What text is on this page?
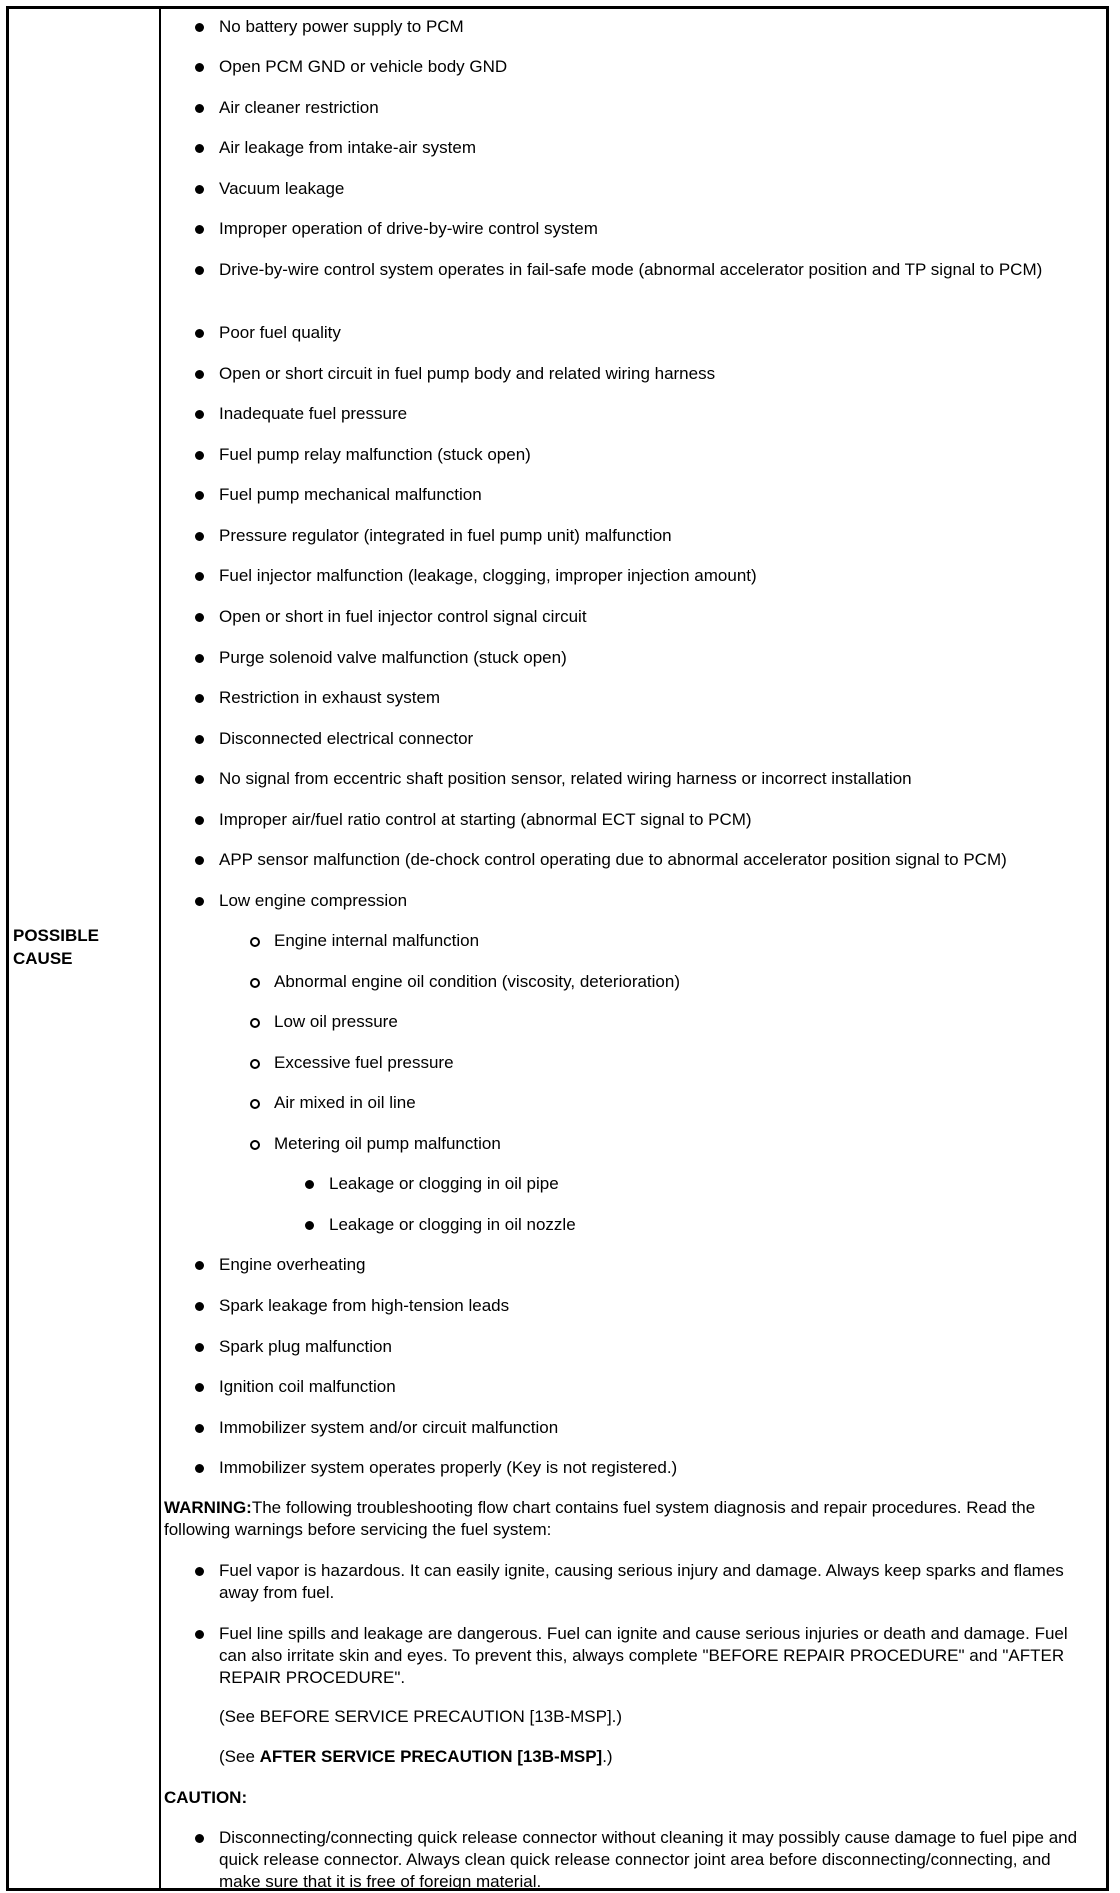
POSSIBLE
CAUSE
No battery power supply to PCM
Open PCM GND or vehicle body GND
Air cleaner restriction
Air leakage from intake-air system
Vacuum leakage
Improper operation of drive-by-wire control system
Drive-by-wire control system operates in fail-safe mode (abnormal accelerator position and TP signal to PCM)
Poor fuel quality
Open or short circuit in fuel pump body and related wiring harness
Inadequate fuel pressure
Fuel pump relay malfunction (stuck open)
Fuel pump mechanical malfunction
Pressure regulator (integrated in fuel pump unit) malfunction
Fuel injector malfunction (leakage, clogging, improper injection amount)
Open or short in fuel injector control signal circuit
Purge solenoid valve malfunction (stuck open)
Restriction in exhaust system
Disconnected electrical connector
No signal from eccentric shaft position sensor, related wiring harness or incorrect installation
Improper air/fuel ratio control at starting (abnormal ECT signal to PCM)
APP sensor malfunction (de-chock control operating due to abnormal accelerator position signal to PCM)
Low engine compression
Engine internal malfunction
Abnormal engine oil condition (viscosity, deterioration)
Low oil pressure
Excessive fuel pressure
Air mixed in oil line
Metering oil pump malfunction
Leakage or clogging in oil pipe
Leakage or clogging in oil nozzle
Engine overheating
Spark leakage from high-tension leads
Spark plug malfunction
Ignition coil malfunction
Immobilizer system and/or circuit malfunction
Immobilizer system operates properly (Key is not registered.)
WARNING:The following troubleshooting flow chart contains fuel system diagnosis and repair procedures. Read the following warnings before servicing the fuel system:
Fuel vapor is hazardous. It can easily ignite, causing serious injury and damage. Always keep sparks and flames away from fuel.
Fuel line spills and leakage are dangerous. Fuel can ignite and cause serious injuries or death and damage. Fuel can also irritate skin and eyes. To prevent this, always complete "BEFORE REPAIR PROCEDURE" and "AFTER REPAIR PROCEDURE".
(See BEFORE SERVICE PRECAUTION [13B-MSP].)
(See AFTER SERVICE PRECAUTION [13B-MSP].)
CAUTION:
Disconnecting/connecting quick release connector without cleaning it may possibly cause damage to fuel pipe and quick release connector. Always clean quick release connector joint area before disconnecting/connecting, and make sure that it is free of foreign material.
